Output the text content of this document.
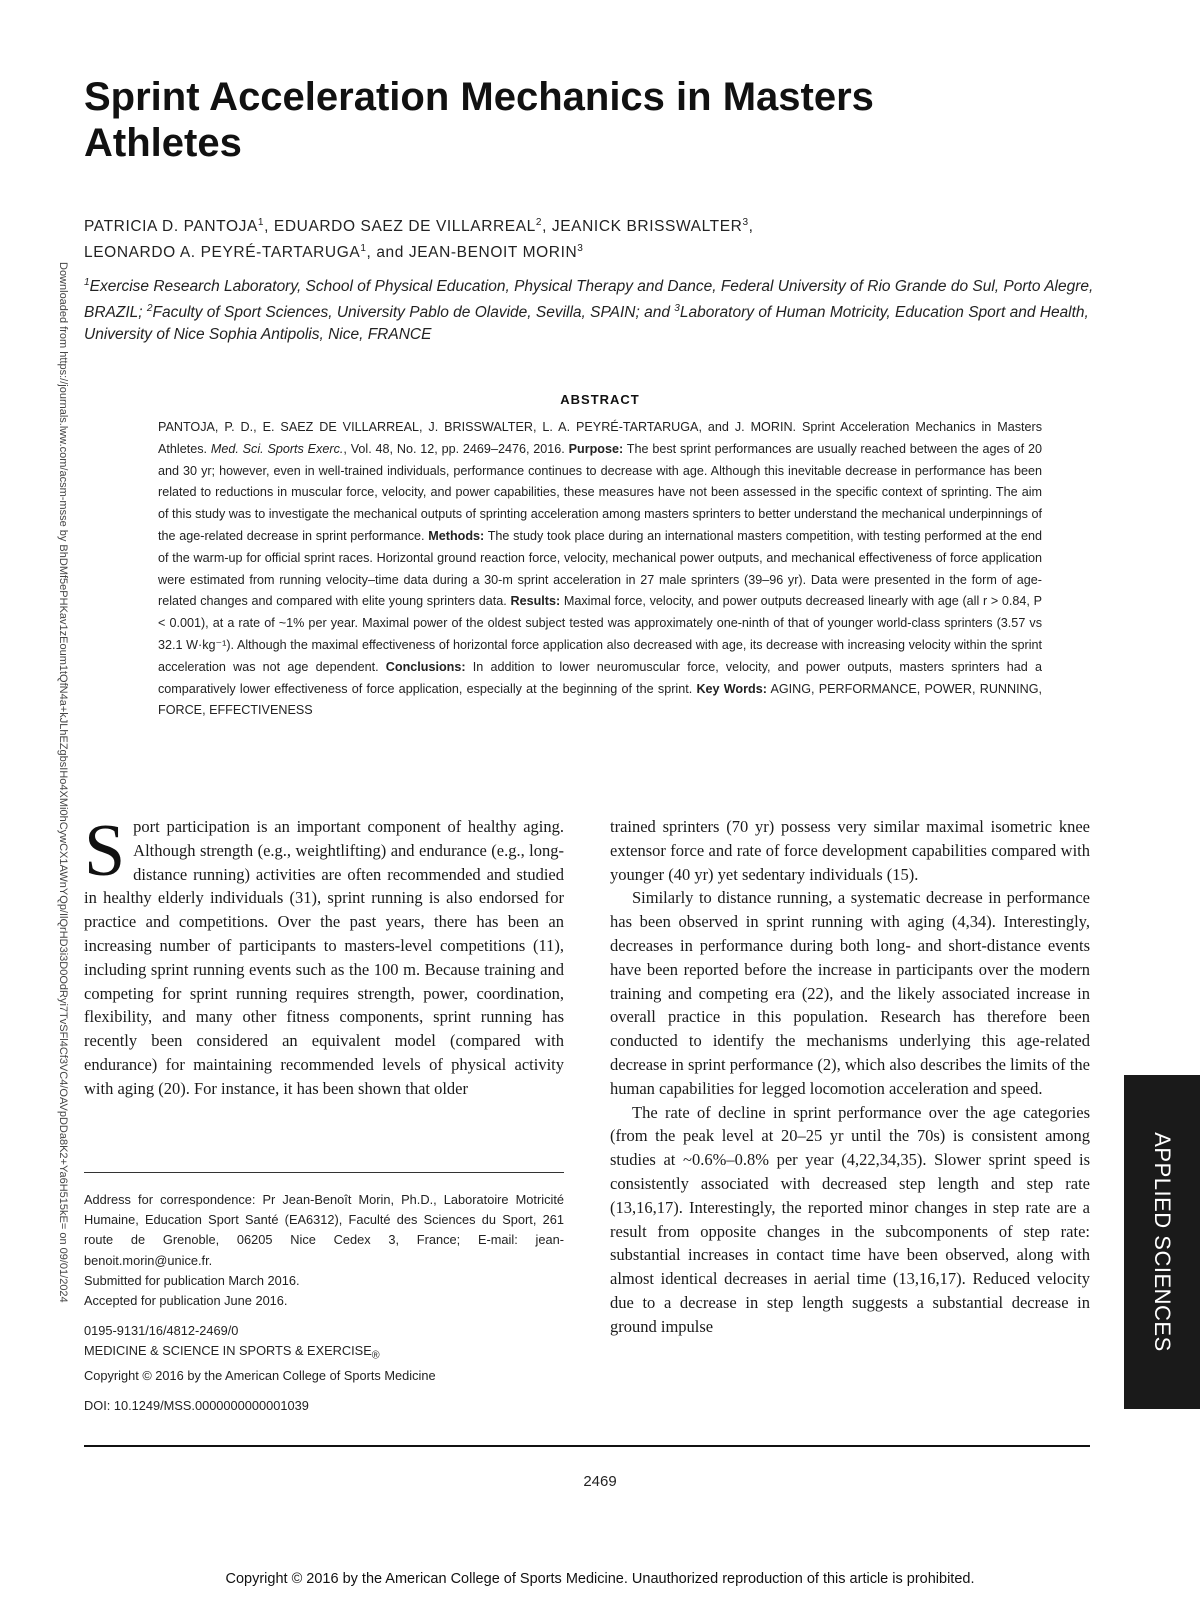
Sprint Acceleration Mechanics in Masters Athletes
PATRICIA D. PANTOJA$^1$, EDUARDO SAEZ DE VILLARREAL$^2$, JEANICK BRISSWALTER$^3$,
LEONARDO A. PEYRÉ-TARTARUGA$^1$, and JEAN-BENOIT MORIN$^3$
$^1$Exercise Research Laboratory, School of Physical Education, Physical Therapy and Dance, Federal University of Rio Grande do Sul, Porto Alegre, BRAZIL; $^2$Faculty of Sport Sciences, University Pablo de Olavide, Sevilla, SPAIN; and $^3$Laboratory of Human Motricity, Education Sport and Health, University of Nice Sophia Antipolis, Nice, FRANCE
Downloaded from https://journals.lww.com/acsm-msse by BhDMf5ePHKav1zEoum1tQfN4a+kJLhEZgbsIHo4XMi0hCywCX1AWnYQp/IlQrHD3i3D0OdRyi7TvSFl4Cf3VC4/OAVpDDa8K2+Ya6H515kE= on 09/01/2024	ABSTRACT
PANTOJA, P. D., E. SAEZ DE VILLARREAL, J. BRISSWALTER, L. A. PEYRÉ-TARTARUGA, and J. MORIN. Sprint Acceleration Mechanics in Masters Athletes. Med. Sci. Sports Exerc., Vol. 48, No. 12, pp. 2469–2476, 2016. Purpose: The best sprint performances are usually reached between the ages of 20 and 30 yr; however, even in well-trained individuals, performance continues to decrease with age. Although this inevitable decrease in performance has been related to reductions in muscular force, velocity, and power capabilities, these measures have not been assessed in the specific context of sprinting. The aim of this study was to investigate the mechanical outputs of sprinting acceleration among masters sprinters to better understand the mechanical underpinnings of the age-related decrease in sprint performance. Methods: The study took place during an international masters competition, with testing performed at the end of the warm-up for official sprint races. Horizontal ground reaction force, velocity, mechanical power outputs, and mechanical effectiveness of force application were estimated from running velocity–time data during a 30-m sprint acceleration in 27 male sprinters (39–96 yr). Data were presented in the form of age-related changes and compared with elite young sprinters data. Results: Maximal force, velocity, and power outputs decreased linearly with age (all r > 0.84, P < 0.001), at a rate of ~1% per year. Maximal power of the oldest subject tested was approximately one-ninth of that of younger world-class sprinters (3.57 vs 32.1 W·kg⁻¹). Although the maximal effectiveness of horizontal force application also decreased with age, its decrease with increasing velocity within the sprint acceleration was not age dependent. Conclusions: In addition to lower neuromuscular force, velocity, and power outputs, masters sprinters had a comparatively lower effectiveness of force application, especially at the beginning of the sprint. Key Words: AGING, PERFORMANCE, POWER, RUNNING, FORCE, EFFECTIVENESS

Sport participation is an important component of healthy aging. Although strength (e.g., weightlifting) and endurance (e.g., long-distance running) activities are often recommended and studied in healthy elderly individuals (31), sprint running is also endorsed for practice and competitions. Over the past years, there has been an increasing number of participants to masters-level competitions (11), including sprint running events such as the 100 m. Because training and competing for sprint running requires strength, power, coordination, flexibility, and many other fitness components, sprint running has recently been considered an equivalent model (compared with endurance) for maintaining recommended levels of physical activity with aging (20). For instance, it has been shown that older

trained sprinters (70 yr) possess very similar maximal isometric knee extensor force and rate of force development capabilities compared with younger (40 yr) yet sedentary individuals (15).

Similarly to distance running, a systematic decrease in performance has been observed in sprint running with aging (4,34). Interestingly, decreases in performance during both long- and short-distance events have been reported before the increase in participants over the modern training and competing era (22), and the likely associated increase in overall practice in this population. Research has therefore been conducted to identify the mechanisms underlying this age-related decrease in sprint performance (2), which also describes the limits of the human capabilities for legged locomotion acceleration and speed.

The rate of decline in sprint performance over the age categories (from the peak level at 20–25 yr until the 70s) is consistent among studies at ~0.6%–0.8% per year (4,22,34,35). Slower sprint speed is consistently associated with decreased step length and step rate (13,16,17). Interestingly, the reported minor changes in step rate are a result from opposite changes in the subcomponents of step rate: substantial increases in contact time have been observed, along with almost identical decreases in aerial time (13,16,17). Reduced velocity due to a decrease in step length suggests a substantial decrease in ground impulse

Address for correspondence: Pr Jean-Benoît Morin, Ph.D., Laboratoire Motricité Humaine, Education Sport Santé (EA6312), Faculté des Sciences du Sport, 261 route de Grenoble, 06205 Nice Cedex 3, France; E-mail: jean-benoit.morin@unice.fr.

Submitted for publication March 2016.

Accepted for publication June 2016.

0195-9131/16/4812-2469/0

MEDICINE & SCIENCE IN SPORTS & $EXERCISE_®$

Copyright © 2016 by the American College of Sports Medicine

DOI: 10.1249/MSS.0000000000001039

2469
APPLIED SCIENCES
Copyright © 2016 by the American College of Sports Medicine. Unauthorized reproduction of this article is prohibited.
